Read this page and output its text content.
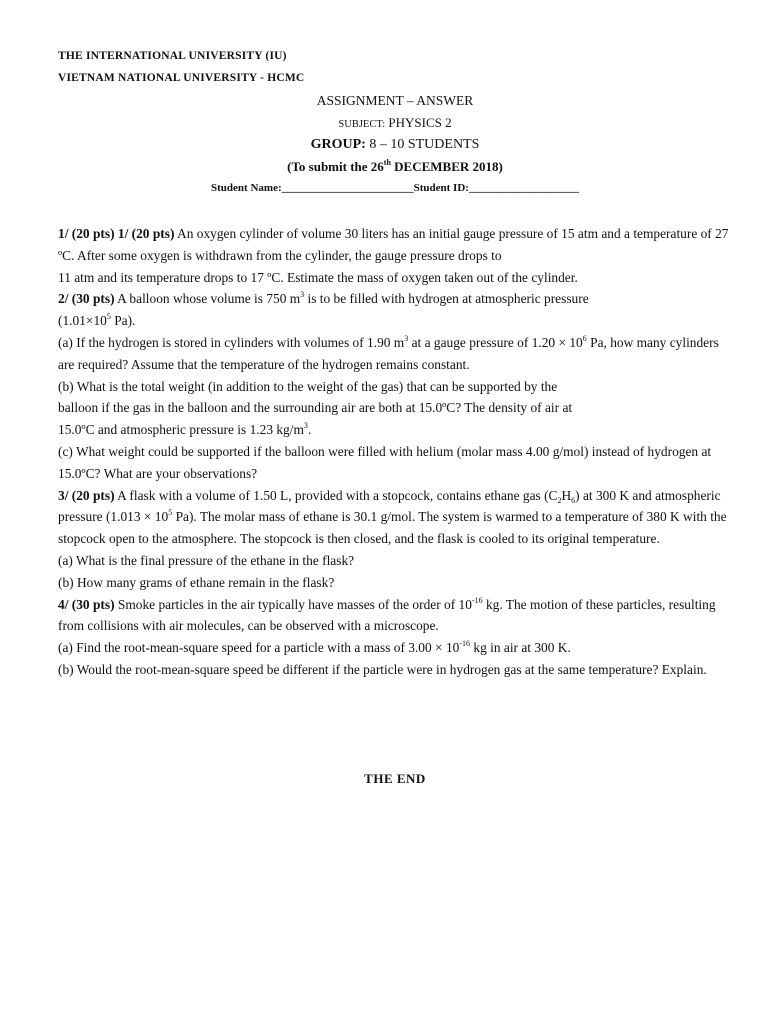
THE INTERNATIONAL UNIVERSITY (IU)
VIETNAM NATIONAL UNIVERSITY - HCMC
ASSIGNMENT – ANSWER
SUBJECT: PHYSICS 2
GROUP: 8 – 10 STUDENTS
(To submit the 26th DECEMBER 2018)
Student Name:________________________Student ID:____________________

1/ (20 pts) 1/ (20 pts) An oxygen cylinder of volume 30 liters has an initial gauge pressure of 15 atm and a temperature of 27 ºC. After some oxygen is withdrawn from the cylinder, the gauge pressure drops to

11 atm and its temperature drops to 17 ºC. Estimate the mass of oxygen taken out of the cylinder.

2/ (30 pts) A balloon whose volume is 750 $m^3$ is to be filled with hydrogen at atmospheric pressure

($1.01\times 10^5$ Pa).

(a) If the hydrogen is stored in cylinders with volumes of 1.90 $m^3$ at a gauge pressure of $1.20 \times 10^6$ Pa, how many cylinders are required? Assume that the temperature of the hydrogen remains constant.

(b) What is the total weight (in addition to the weight of the gas) that can be supported by the

balloon if the gas in the balloon and the surrounding air are both at 15.0ºC? The density of air at

15.0ºC and atmospheric pressure is 1.23 $kg/m^3$.

(c) What weight could be supported if the balloon were filled with helium (molar mass 4.00 g/mol) instead of hydrogen at 15.0ºC? What are your observations?

3/ (20 pts) A flask with a volume of 1.50 L, provided with a stopcock, contains ethane gas $(C_2H_6)$ at 300 K and atmospheric pressure ($1.013 \times 10^5$ Pa). The molar mass of ethane is 30.1 g/mol. The system is warmed to a temperature of 380 K with the stopcock open to the atmosphere. The stopcock is then closed, and the flask is cooled to its original temperature.

(a) What is the final pressure of the ethane in the flask?

(b) How many grams of ethane remain in the flask?

4/ (30 pts) Smoke particles in the air typically have masses of the order of $10^{-16}$ kg. The motion of these particles, resulting from collisions with air molecules, can be observed with a microscope.

(a) Find the root-mean-square speed for a particle with a mass of $3.00 \times 10^{-16}$ kg in air at 300 K.

(b) Would the root-mean-square speed be different if the particle were in hydrogen gas at the same temperature? Explain.

THE END
